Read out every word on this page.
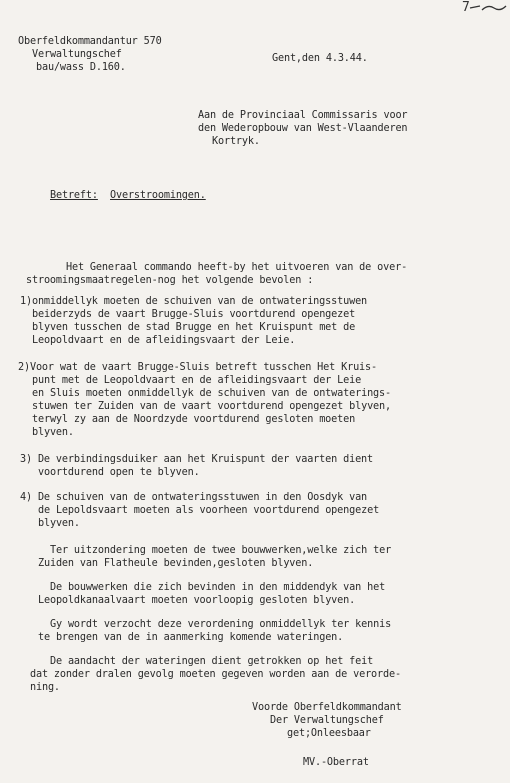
7
Oberfeldkommandantur 570
Verwaltungschef
bau/wass D.160.
Gent,den 4.3.44.
Aan de Provinciaal Commissaris voor
den Wederopbouw van West-Vlaanderen
Kortryk.
Betreft: Overstroomingen.
Het Generaal commando heeft-by het uitvoeren van de over-
stroomingsmaatregelen-nog het volgende bevolen :
1)onmiddellyk moeten de schuiven van de ontwateringsstuwen
beiderzyds de vaart Brugge-Sluis voortdurend opengezet
blyven tusschen de stad Brugge en het Kruispunt met de
Leopoldvaart en de afleidingsvaart der Leie.
2)Voor wat de vaart Brugge-Sluis betreft tusschen Het Kruis-
punt met de Leopoldvaart en de afleidingsvaart der Leie
en Sluis moeten onmiddellyk de schuiven van de ontwaterings-
stuwen ter Zuiden van de vaart voortdurend opengezet blyven,
terwyl zy aan de Noordzyde voortdurend gesloten moeten
blyven.
3) De verbindingsduiker aan het Kruispunt der vaarten dient
voortdurend open te blyven.
4) De schuiven van de ontwateringsstuwen in den Oosdyk van
de Lepoldsvaart moeten als voorheen voortdurend opengezet
blyven.
Ter uitzondering moeten de twee bouwwerken,welke zich ter
Zuiden van Flatheule bevinden,gesloten blyven.
De bouwwerken die zich bevinden in den middendyk van het
Leopoldkanaalvaart moeten voorloopig gesloten blyven.
Gy wordt verzocht deze verordening onmiddellyk ter kennis
te brengen van de in aanmerking komende wateringen.
De aandacht der wateringen dient getrokken op het feit
dat zonder dralen gevolg moeten gegeven worden aan de verorde-
ning.
Voorde Oberfeldkommandant
Der Verwaltungschef
get;Onleesbaar
MV.-Oberrat
